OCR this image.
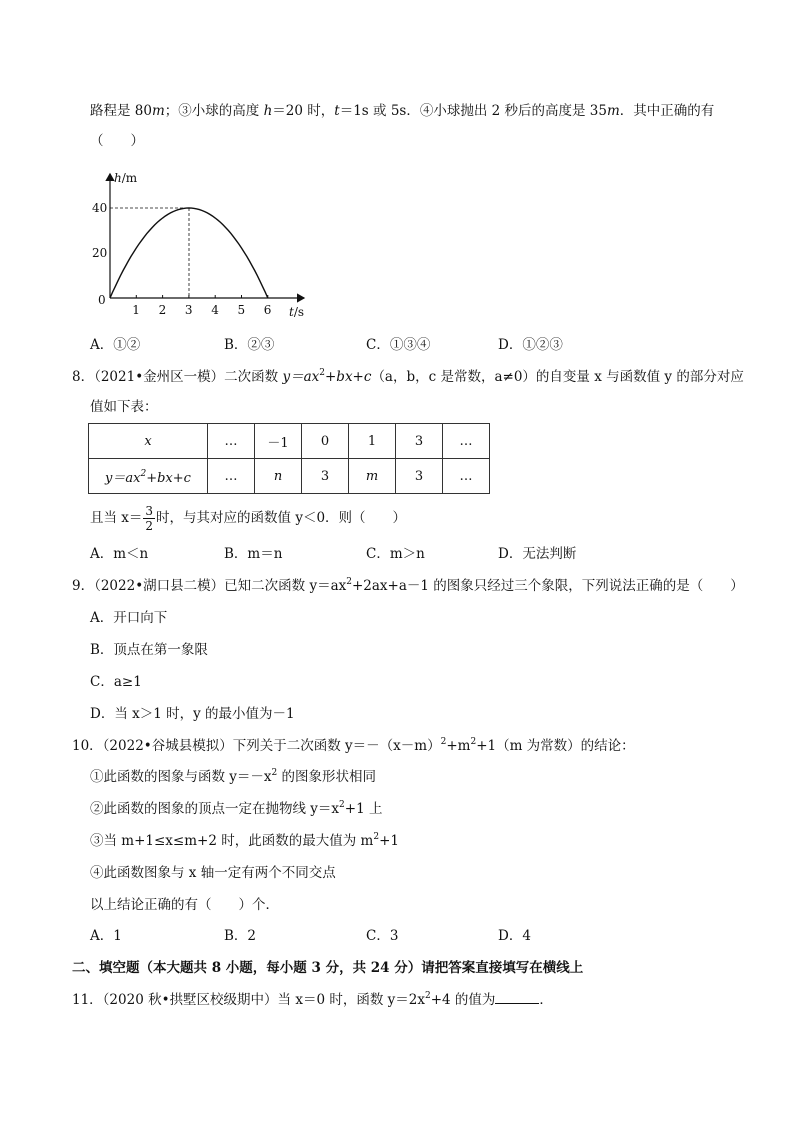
路程是 80m；③小球的高度 h＝20 时，t＝1s 或 5s．④小球抛出 2 秒后的高度是 35m．其中正确的有
（　　）
1 2 3 4 5 6
20
40
0
h/m
t/s
A．①②	B．②③	C．①③④	D．①②③
8．（2021•金州区一模）二次函数 $y=ax^2+bx+c(a$，b，c 是常数，a≠0）的自变量 x 与函数值 y 的部分对应
值如下表：
x	…	－1	0	1	3	…
$y=ax^2+bx+c$	…	n	3	m	3	…
且当 $x= \frac{3}{2}$ 时，与其对应的函数值 y＜0．则（　　）
A．m＜n	B．m＝n	C．m＞n	D．无法判断
9．（2022•湖口县二模）已知二次函数 $y=ax^2+2ax+a-1$ 的图象只经过三个象限，下列说法正确的是（　　）
A．开口向下
B．顶点在第一象限
C．a≥1
D．当 x＞1 时，y 的最小值为－1
10．（2022•谷城县模拟）下列关于二次函数 $y=-(x-m)^2+m^2+1(m$ 为常数）的结论：
①此函数的图象与函数 $y=-x^2$ 的图象形状相同
②此函数的图象的顶点一定在抛物线 $y=x^2+1$ 上
③当 m+1≤x≤m+2 时，此函数的最大值为 $m^2+1$
④此函数图象与 x 轴一定有两个不同交点
以上结论正确的有（　　）个．
A．1	B．2	C．3	D．4
二、填空题（本大题共 8 小题，每小题 3 分，共 24 分）请把答案直接填写在横线上
11．（2020 秋•拱墅区校级期中）当 x＝0 时，函数 $y=2x^2+4$ 的值为	．
